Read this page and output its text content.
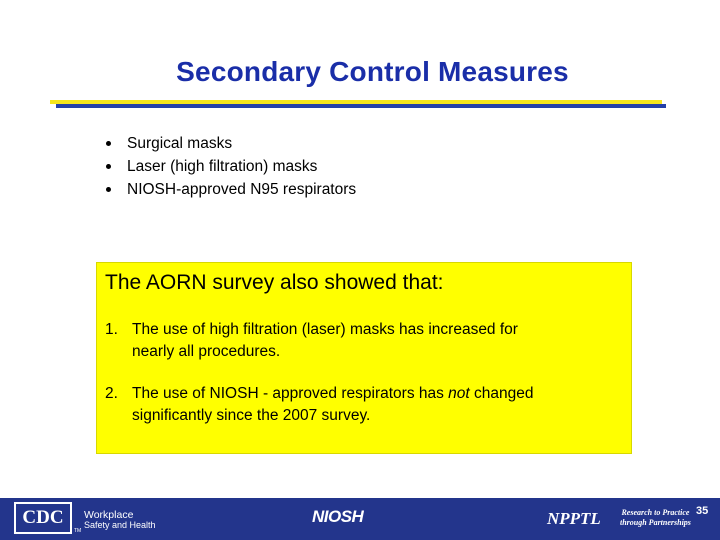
Secondary Control Measures
Surgical masks
Laser (high filtration) masks
NIOSH-approved N95 respirators
The AORN survey also showed that:
1. The use of high filtration (laser) masks has increased for
nearly all procedures.
2. The use of NIOSH - approved respirators has not changed
significantly since the 2007 survey.
CDC
TM
Workplace
Safety and Health	NIOSH	NPPTL	Research to Practice
through Partnerships
35
